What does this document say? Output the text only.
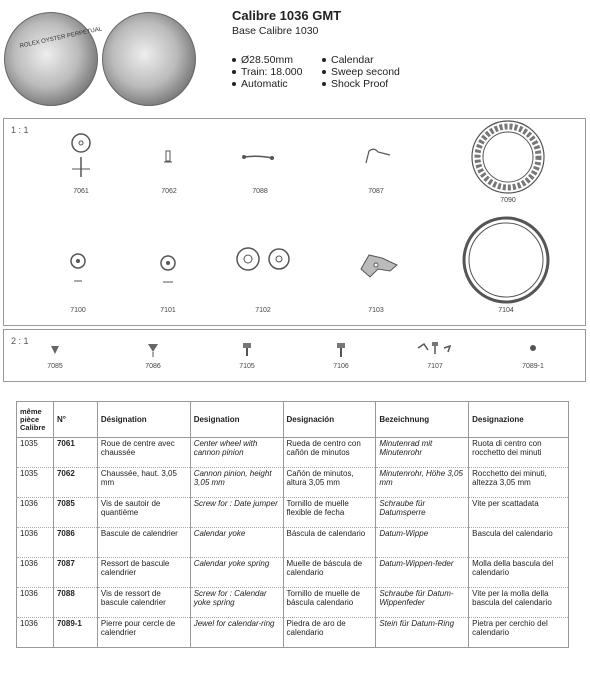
ROLEX OYSTER PERPETUAL
Calibre 1036 GMT
Base Calibre 1030
Ø28.50mm
Train: 18.000
Automatic
Calendar
Sweep second
Shock Proof
1 : 1
7061	7062	7088	7087
7090
7100	7101	7102	7103	7104
2 : 1
7085	7086	7105	7106	7107	7089-1
même pièce Calibre	N°	Désignation	Designation	Designación	Bezeichnung	Designazione
1035	7061	Roue de centre avec chaussée	Center wheel with cannon pinion	Rueda de centro con cañón de minutos	Minutenrad mit Minutenrohr	Ruota di centro con rocchetto dei minuti
1035	7062	Chaussée, haut. 3,05 mm	Cannon pinion, height 3,05 mm	Cañón de minutos, altura 3,05 mm	Minutenrohr, Höhe 3,05 mm	Rocchetto dei minuti, altezza 3,05 mm
1036	7085	Vis de sautoir de quantième	Screw for : Date jumper	Tornillo de muelle flexible de fecha	Schraube für Datumsperre	Vite per scattadata
1036	7086	Bascule de calendrier	Calendar yoke	Báscula de calendario	Datum-Wippe	Bascula del calendario
1036	7087	Ressort de bascule calendrier	Calendar yoke spring	Muelle de báscula de calendario	Datum-Wippen-feder	Molla della bascula del calendario
1036	7088	Vis de ressort de bascule calendrier	Screw for : Calendar yoke spring	Tornillo de muelle de báscula calendario	Schraube für Datum-Wippenfeder	Vite per la molla della bascula del calendario
1036	7089-1	Pierre pour cercle de calendrier	Jewel for calendar-ring	Piedra de aro de calendario	Stein für Datum-Ring	Pietra per cerchio del calendario
